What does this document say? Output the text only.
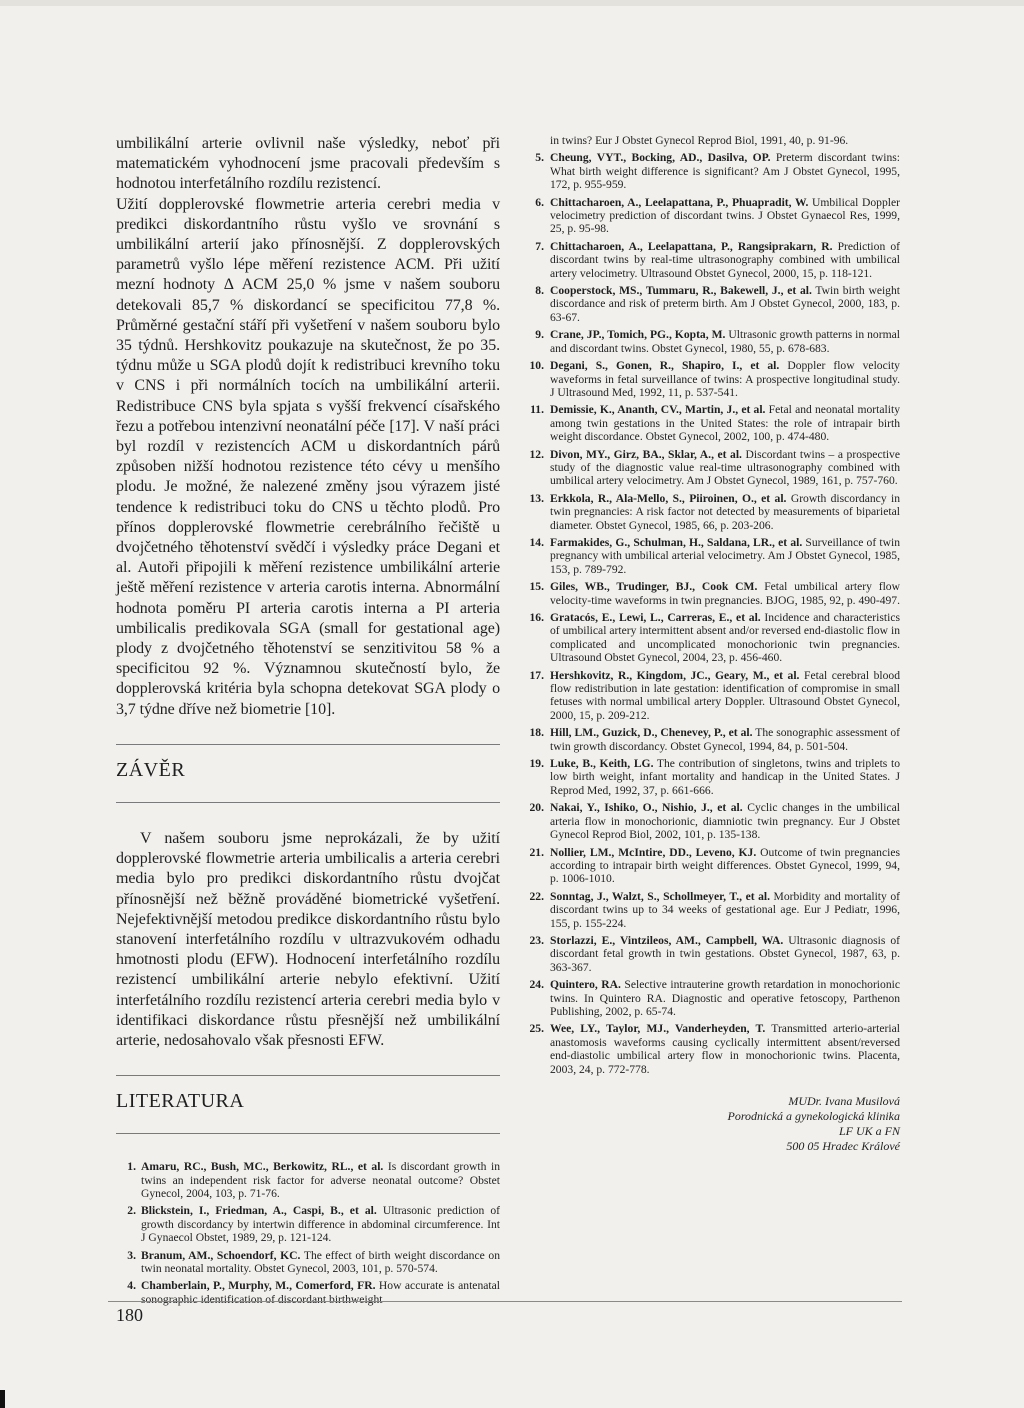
umbilikální arterie ovlivnil naše výsledky, neboť při matematickém vyhodnocení jsme pracovali především s hodnotou interfetálního rozdílu rezistencí.

Užití dopplerovské flowmetrie arteria cerebri media v predikci diskordantního růstu vyšlo ve srovnání s umbilikální arterií jako přínosnější. Z dopplerovských parametrů vyšlo lépe měření rezistence ACM. Při užití mezní hodnoty Δ ACM 25,0 % jsme v našem souboru detekovali 85,7 % diskordancí se specificitou 77,8 %. Průměrné gestační stáří při vyšetření v našem souboru bylo 35 týdnů. Hershkovitz poukazuje na skutečnost, že po 35. týdnu může u SGA plodů dojít k redistribuci krevního toku v CNS i při normálních tocích na umbilikální arterii. Redistribuce CNS byla spjata s vyšší frekvencí císařského řezu a potřebou intenzivní neonatální péče [17]. V naší práci byl rozdíl v rezistencích ACM u diskordantních párů způsoben nižší hodnotou rezistence této cévy u menšího plodu. Je možné, že nalezené změny jsou výrazem jisté tendence k redistribuci toku do CNS u těchto plodů. Pro přínos dopplerovské flowmetrie cerebrálního řečiště u dvojčetného těhotenství svědčí i výsledky práce Degani et al. Autoři připojili k měření rezistence umbilikální arterie ještě měření rezistence v arteria carotis interna. Abnormální hodnota poměru PI arteria carotis interna a PI arteria umbilicalis predikovala SGA (small for gestational age) plody z dvojčetného těhotenství se senzitivitou 58 % a specificitou 92 %. Významnou skutečností bylo, že dopplerovská kritéria byla schopna detekovat SGA plody o 3,7 týdne dříve než biometrie [10].

ZÁVĚR

V našem souboru jsme neprokázali, že by užití dopplerovské flowmetrie arteria umbilicalis a arteria cerebri media bylo pro predikci diskordantního růstu dvojčat přínosnější než běžně prováděné biometrické vyšetření. Nejefektivnější metodou predikce diskordantního růstu bylo stanovení interfetálního rozdílu v ultrazvukovém odhadu hmotnosti plodu (EFW). Hodnocení interfetálního rozdílu rezistencí umbilikální arterie nebylo efektivní. Užití interfetálního rozdílu rezistencí arteria cerebri media bylo v identifikaci diskordance růstu přesnější než umbilikální arterie, nedosahovalo však přesnosti EFW.

LITERATURA
1. Amaru, RC., Bush, MC., Berkowitz, RL., et al. Is discordant growth in twins an independent risk factor for adverse neonatal outcome? Obstet Gynecol, 2004, 103, p. 71-76.
2. Blickstein, I., Friedman, A., Caspi, B., et al. Ultrasonic prediction of growth discordancy by intertwin difference in abdominal circumference. Int J Gynaecol Obstet, 1989, 29, p. 121-124.
3. Branum, AM., Schoendorf, KC. The effect of birth weight discordance on twin neonatal mortality. Obstet Gynecol, 2003, 101, p. 570-574.
4. Chamberlain, P., Murphy, M., Comerford, FR. How accurate is antenatal sonographic identification of discordant birthweight
in twins? Eur J Obstet Gynecol Reprod Biol, 1991, 40, p. 91-96.
5. Cheung, VYT., Bocking, AD., Dasilva, OP. Preterm discordant twins: What birth weight difference is significant? Am J Obstet Gynecol, 1995, 172, p. 955-959.
6. Chittacharoen, A., Leelapattana, P., Phuapradit, W. Umbilical Doppler velocimetry prediction of discordant twins. J Obstet Gynaecol Res, 1999, 25, p. 95-98.
7. Chittacharoen, A., Leelapattana, P., Rangsiprakarn, R. Prediction of discordant twins by real-time ultrasonography combined with umbilical artery velocimetry. Ultrasound Obstet Gynecol, 2000, 15, p. 118-121.
8. Cooperstock, MS., Tummaru, R., Bakewell, J., et al. Twin birth weight discordance and risk of preterm birth. Am J Obstet Gynecol, 2000, 183, p. 63-67.
9. Crane, JP., Tomich, PG., Kopta, M. Ultrasonic growth patterns in normal and discordant twins. Obstet Gynecol, 1980, 55, p. 678-683.
10. Degani, S., Gonen, R., Shapiro, I., et al. Doppler flow velocity waveforms in fetal surveillance of twins: A prospective longitudinal study. J Ultrasound Med, 1992, 11, p. 537-541.
11. Demissie, K., Ananth, CV., Martin, J., et al. Fetal and neonatal mortality among twin gestations in the United States: the role of intrapair birth weight discordance. Obstet Gynecol, 2002, 100, p. 474-480.
12. Divon, MY., Girz, BA., Sklar, A., et al. Discordant twins – a prospective study of the diagnostic value real-time ultrasonography combined with umbilical artery velocimetry. Am J Obstet Gynecol, 1989, 161, p. 757-760.
13. Erkkola, R., Ala-Mello, S., Piiroinen, O., et al. Growth discordancy in twin pregnancies: A risk factor not detected by measurements of biparietal diameter. Obstet Gynecol, 1985, 66, p. 203-206.
14. Farmakides, G., Schulman, H., Saldana, LR., et al. Surveillance of twin pregnancy with umbilical arterial velocimetry. Am J Obstet Gynecol, 1985, 153, p. 789-792.
15. Giles, WB., Trudinger, BJ., Cook CM. Fetal umbilical artery flow velocity-time waveforms in twin pregnancies. BJOG, 1985, 92, p. 490-497.
16. Gratacós, E., Lewi, L., Carreras, E., et al. Incidence and characteristics of umbilical artery intermittent absent and/or reversed end-diastolic flow in complicated and uncomplicated monochorionic twin pregnancies. Ultrasound Obstet Gynecol, 2004, 23, p. 456-460.
17. Hershkovitz, R., Kingdom, JC., Geary, M., et al. Fetal cerebral blood flow redistribution in late gestation: identification of compromise in small fetuses with normal umbilical artery Doppler. Ultrasound Obstet Gynecol, 2000, 15, p. 209-212.
18. Hill, LM., Guzick, D., Chenevey, P., et al. The sonographic assessment of twin growth discordancy. Obstet Gynecol, 1994, 84, p. 501-504.
19. Luke, B., Keith, LG. The contribution of singletons, twins and triplets to low birth weight, infant mortality and handicap in the United States. J Reprod Med, 1992, 37, p. 661-666.
20. Nakai, Y., Ishiko, O., Nishio, J., et al. Cyclic changes in the umbilical arteria flow in monochorionic, diamniotic twin pregnancy. Eur J Obstet Gynecol Reprod Biol, 2002, 101, p. 135-138.
21. Nollier, LM., McIntire, DD., Leveno, KJ. Outcome of twin pregnancies according to intrapair birth weight differences. Obstet Gynecol, 1999, 94, p. 1006-1010.
22. Sonntag, J., Walzt, S., Schollmeyer, T., et al. Morbidity and mortality of discordant twins up to 34 weeks of gestational age. Eur J Pediatr, 1996, 155, p. 155-224.
23. Storlazzi, E., Vintzileos, AM., Campbell, WA. Ultrasonic diagnosis of discordant fetal growth in twin gestations. Obstet Gynecol, 1987, 63, p. 363-367.
24. Quintero, RA. Selective intrauterine growth retardation in monochorionic twins. In Quintero RA. Diagnostic and operative fetoscopy, Parthenon Publishing, 2002, p. 65-74.
25. Wee, LY., Taylor, MJ., Vanderheyden, T. Transmitted arterio-arterial anastomosis waveforms causing cyclically intermittent absent/reversed end-diastolic umbilical artery flow in monochorionic twins. Placenta, 2003, 24, p. 772-778.
MUDr. Ivana Musilová
Porodnická a gynekologická klinika
LF UK a FN
500 05 Hradec Králové
180
